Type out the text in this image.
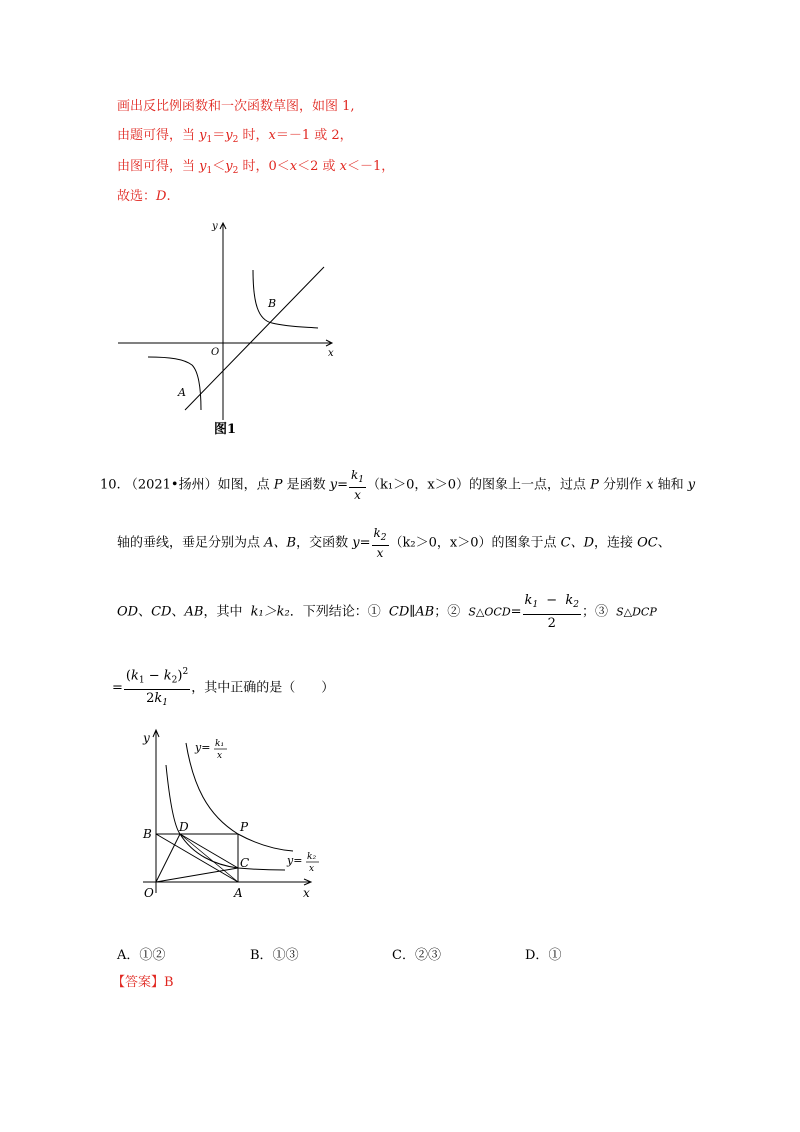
画出反比例函数和一次函数草图，如图 1,
由题可得，当 $y_1=y_2$ 时，x＝－1 或 2，
由图可得，当 $y_1<y_2$ 时，0＜x＜2 或 x＜－1，
故选：D.
y
x
O
A
B
图1
10. （2021•扬州）如图，点 P 是函数 $y= \frac{k_1}{x} (k_1>0$，x＞0）的图象上一点，过点 P 分别作 x 轴和 y
轴的垂线，垂足分别为点 A、B，交函数 $y= \frac{k_2}{x} (k_2>0$，x＞0）的图象于点 C、D，连接 OC、
OD、CD、AB，其中 k₁＞k₂．下列结论：① CD∥AB；② S△OCD= $\frac{k_1 - k_2}{2}$ ；③ S△DCP
= $\frac{(k_1 - k_2)^2}{2k_1}$ ，其中正确的是（　　）
y
x
O	A
B
C
D	P
y= k₁
x
y= k₂
x
A．①②	B．①③	C．②③	D．①
【答案】B
